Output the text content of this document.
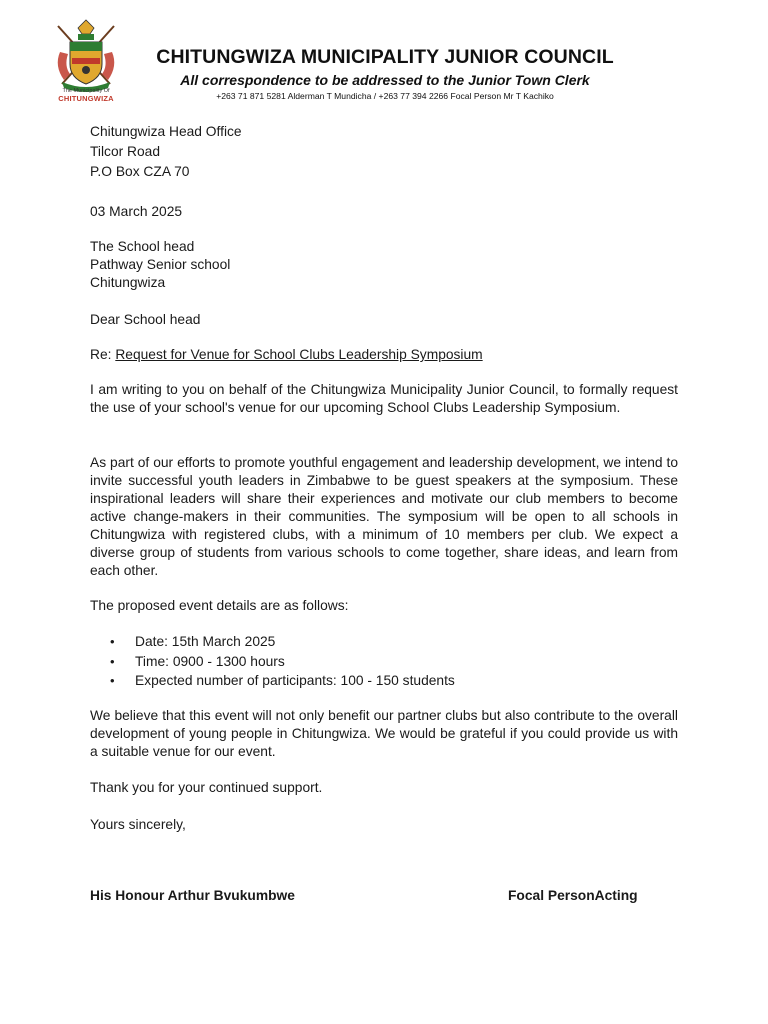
The Municipality Of
CHITUNGWIZA
CHITUNGWIZA MUNICIPALITY JUNIOR COUNCIL
All correspondence to be addressed to the Junior Town Clerk
+263 71 871 5281 Alderman T Mundicha / +263 77 394 2266 Focal Person Mr T Kachiko
Chitungwiza Head Office
Tilcor Road
P.O Box CZA 70
03 March 2025
The School head
Pathway Senior school
Chitungwiza
Dear School head
Re: Request for Venue for School Clubs Leadership Symposium
I am writing to you on behalf of the Chitungwiza Municipality Junior Council, to formally request the use of your school's venue for our upcoming School Clubs Leadership Symposium.
As part of our efforts to promote youthful engagement and leadership development, we intend to invite successful youth leaders in Zimbabwe to be guest speakers at the symposium. These inspirational leaders will share their experiences and motivate our club members to become active change-makers in their communities. The symposium will be open to all schools in Chitungwiza with registered clubs, with a minimum of 10 members per club. We expect a diverse group of students from various schools to come together, share ideas, and learn from each other.
The proposed event details are as follows:
•	Date: 15th March 2025
•	Time: 0900 - 1300 hours
•	Expected number of participants: 100 - 150 students
We believe that this event will not only benefit our partner clubs but also contribute to the overall development of young people in Chitungwiza. We would be grateful if you could provide us with a suitable venue for our event.
Thank you for your continued support.
Yours sincerely,
His Honour Arthur Bvukumbwe	Focal PersonActing
